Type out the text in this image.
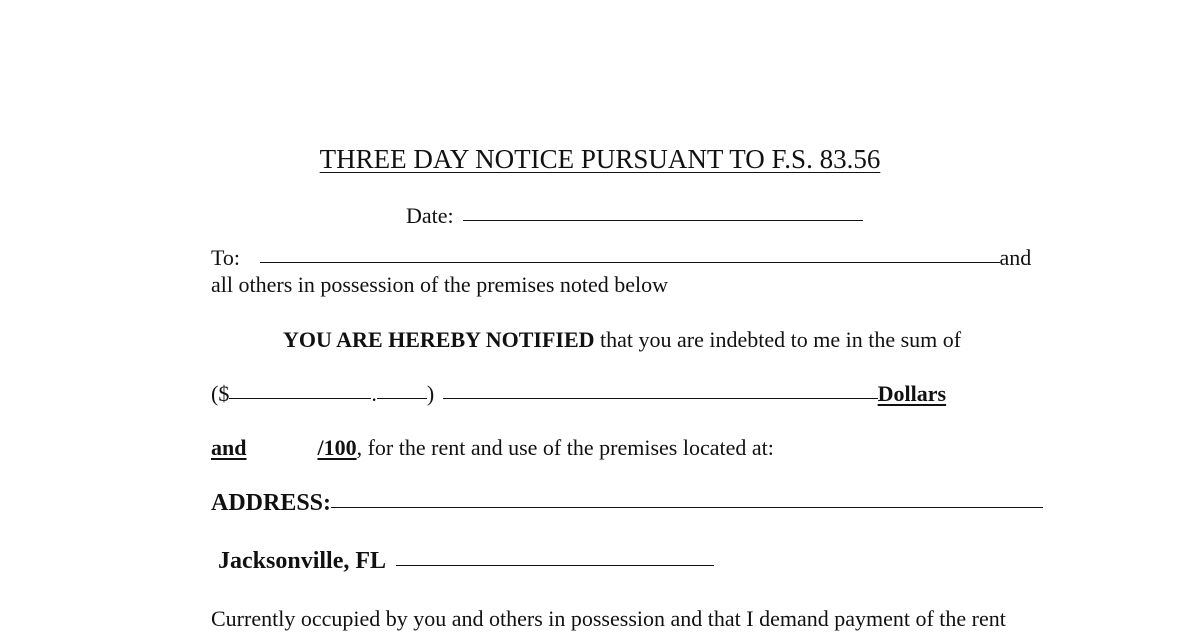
THREE DAY NOTICE PURSUANT TO F.S. 83.56
Date:
To:	and
all others in possession of the premises noted below
YOU ARE HEREBY NOTIFIED that you are indebted to me in the sum of
($	. )	Dollars
and	/100, for the rent and use of the premises located at:
ADDRESS:
Jacksonville, FL
Currently occupied by you and others in possession and that I demand payment of the rent
